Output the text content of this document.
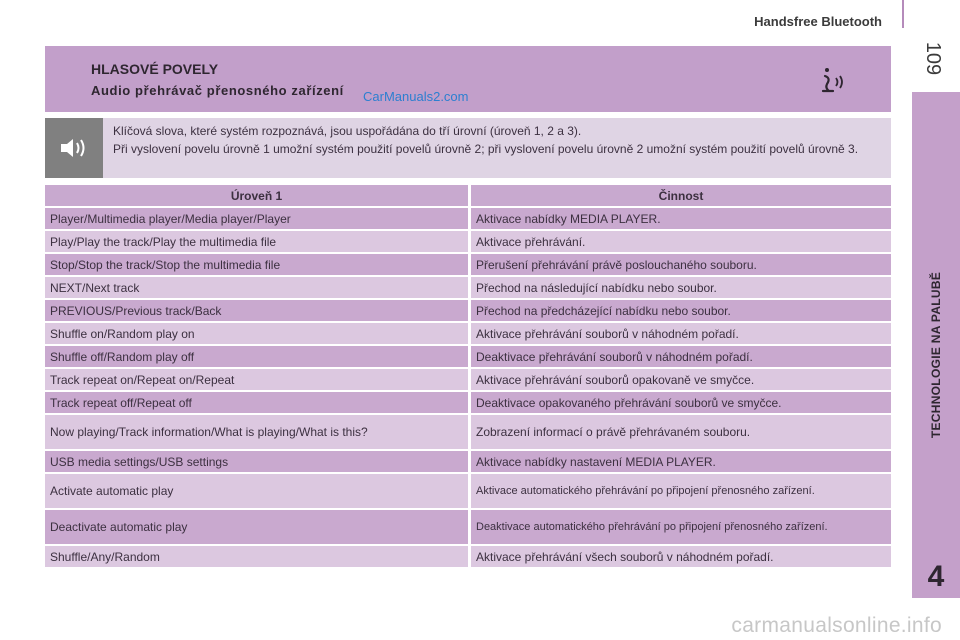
Handsfree Bluetooth
109
TECHNOLOGIE NA PALUBĚ
4
HLASOVÉ POVELY
Audio přehrávač přenosného zařízení CarManuals2.com

Klíčová slova, které systém rozpoznává, jsou uspořádána do tří úrovní (úroveň 1, 2 a 3).

Při vyslovení povelu úrovně 1 umožní systém použití povelů úrovně 2; při vyslovení povelu úrovně 2 umožní systém použití povelů úrovně 3.

Úroveň 1	Činnost
Player/Multimedia player/Media player/Player	Aktivace nabídky MEDIA PLAYER.
Play/Play the track/Play the multimedia file	Aktivace přehrávání.
Stop/Stop the track/Stop the multimedia file	Přerušení přehrávání právě poslouchaného souboru.
NEXT/Next track	Přechod na následující nabídku nebo soubor.
PREVIOUS/Previous track/Back	Přechod na předcházející nabídku nebo soubor.
Shuffle on/Random play on	Aktivace přehrávání souborů v náhodném pořadí.
Shuffle off/Random play off	Deaktivace přehrávání souborů v náhodném pořadí.
Track repeat on/Repeat on/Repeat	Aktivace přehrávání souborů opakovaně ve smyčce.
Track repeat off/Repeat off	Deaktivace opakovaného přehrávání souborů ve smyčce.
Now playing/Track information/What is playing/What is this?	Zobrazení informací o právě přehrávaném souboru.
USB media settings/USB settings	Aktivace nabídky nastavení MEDIA PLAYER.
Activate automatic play	Aktivace automatického přehrávání po připojení přenosného zařízení.
Deactivate automatic play	Deaktivace automatického přehrávání po připojení přenosného zařízení.
Shuffle/Any/Random	Aktivace přehrávání všech souborů v náhodném pořadí.
carmanualsonline.info
